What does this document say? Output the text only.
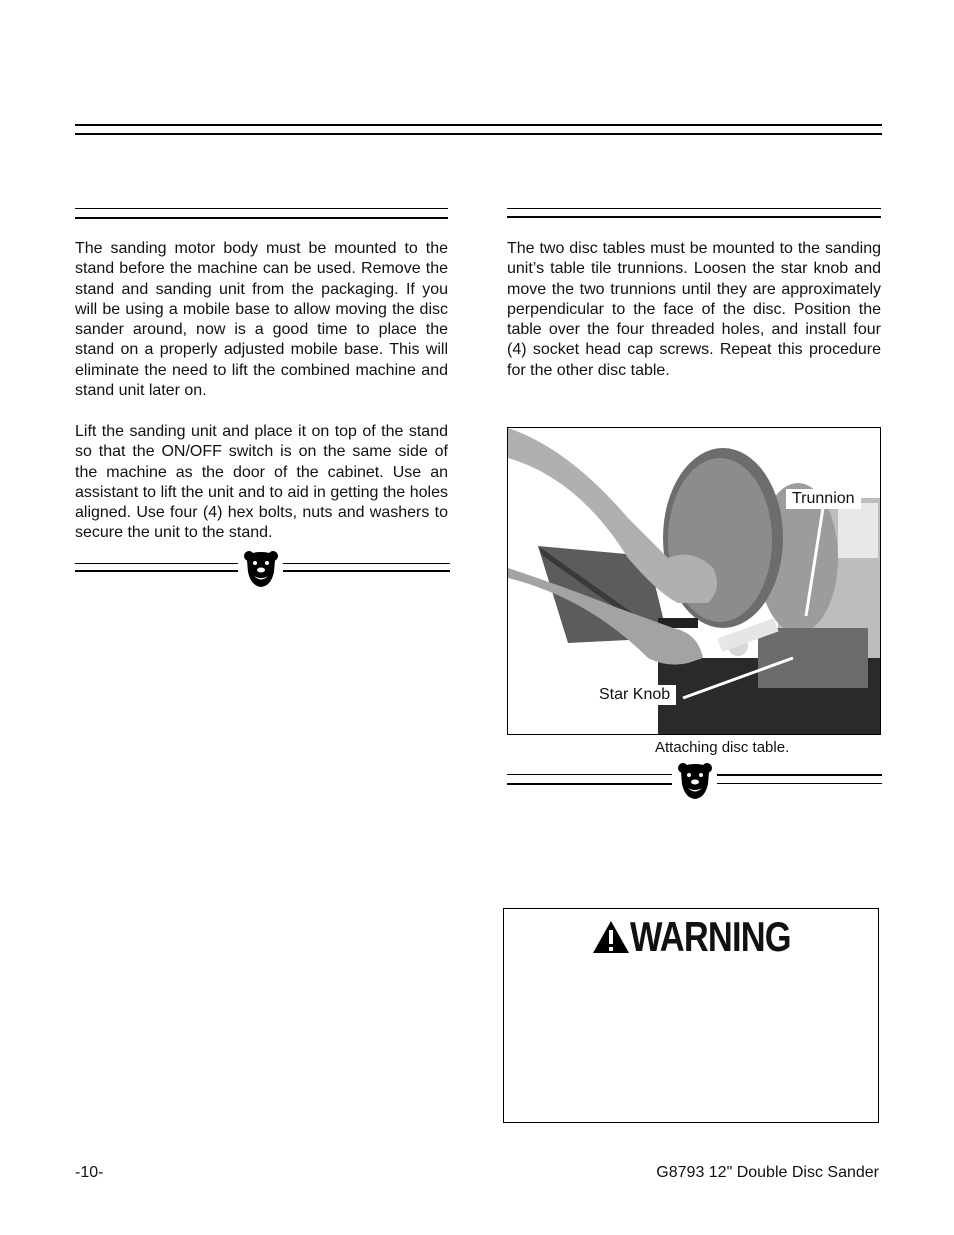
The sanding motor body must be mounted to the stand before the machine can be used. Remove the stand and sanding unit from the packaging. If you will be using a mobile base to allow moving the disc sander around, now is a good time to place the stand on a properly adjusted mobile base. This will eliminate the need to lift the combined machine and stand unit later on.

Lift the sanding unit and place it on top of the stand so that the ON/OFF switch is on the same side of the machine as the door of the cabinet. Use an assistant to lift the unit and to aid in getting the holes aligned. Use four (4) hex bolts, nuts and washers to secure the unit to the stand.

The two disc tables must be mounted to the sanding unit’s table tile trunnions. Loosen the star knob and move the two trunnions until they are approximately perpendicular to the face of the disc. Position the table over the four threaded holes, and install four (4) socket head cap screws. Repeat this procedure for the other disc table.

Trunnion
Star Knob
Attaching disc table.
WARNING
-10-	G8793 12" Double Disc Sander
